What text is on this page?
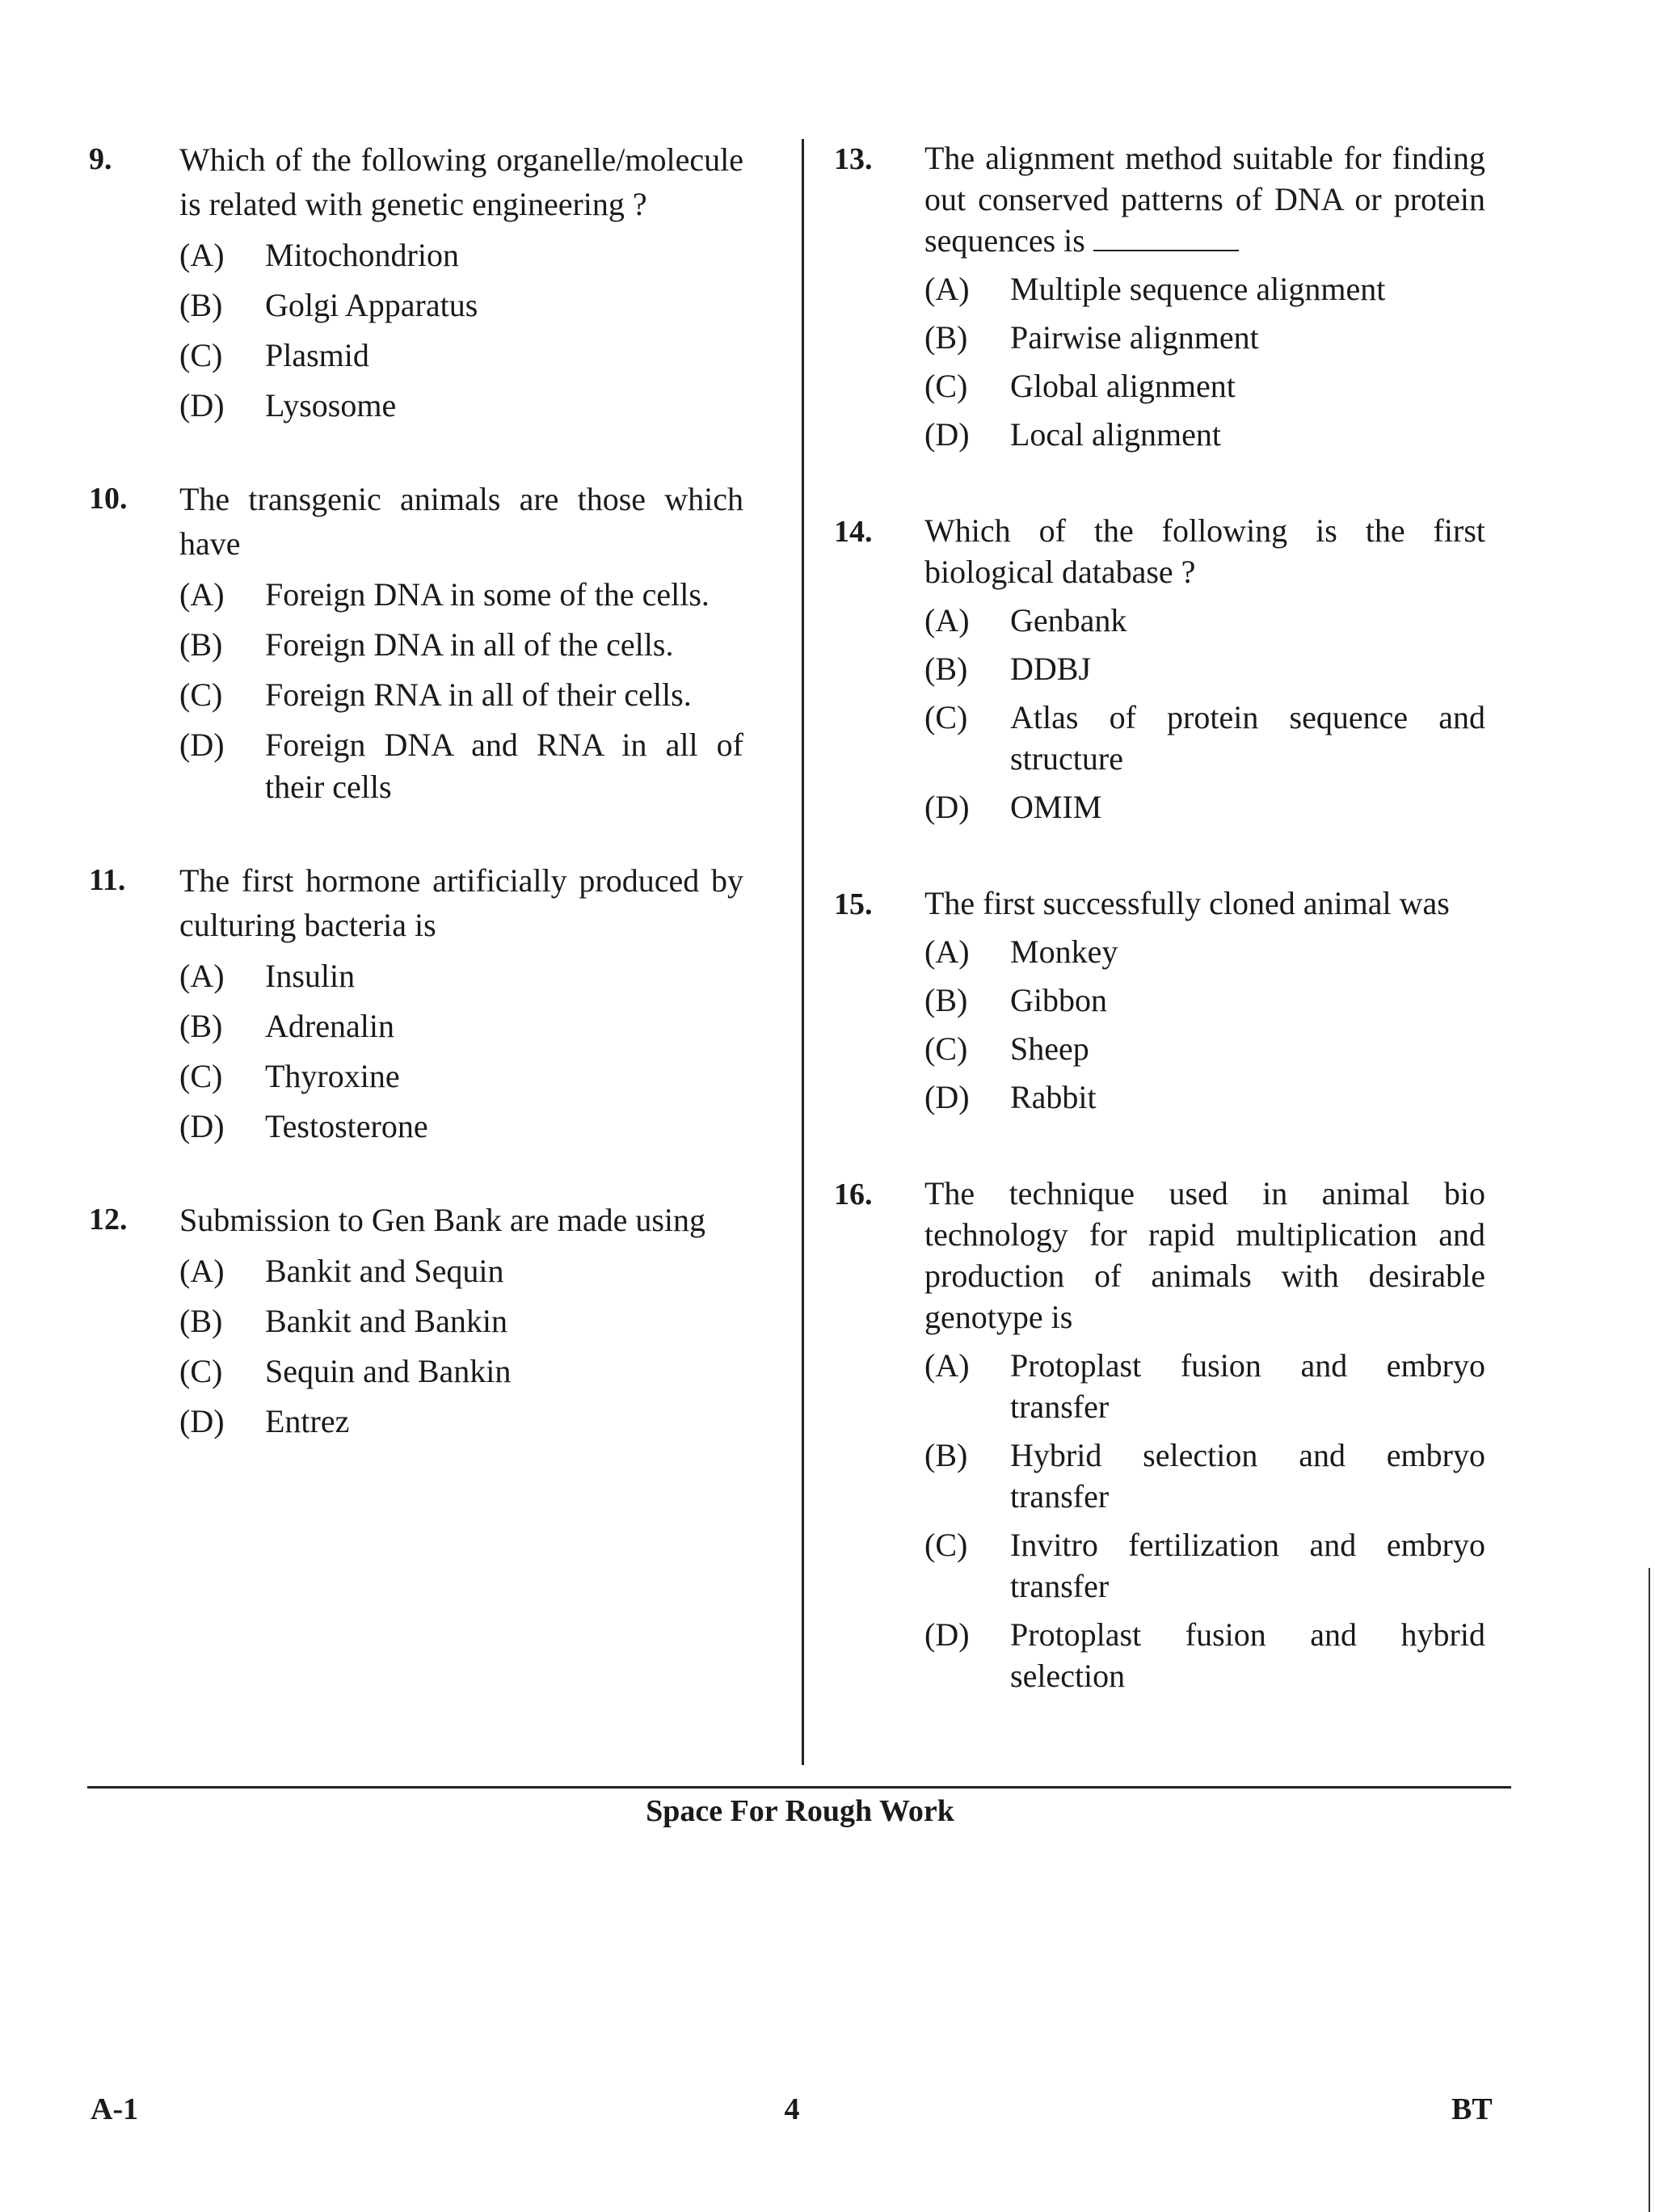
9.	Which of the following organelle/molecule is related with genetic engineering ?
(A)	Mitochondrion
(B)	Golgi Apparatus
(C)	Plasmid
(D)	Lysosome
10.	The transgenic animals are those which have
(A)	Foreign DNA in some of the cells.
(B)	Foreign DNA in all of the cells.
(C)	Foreign RNA in all of their cells.
(D)	Foreign DNA and RNA in all of their cells
11.	The first hormone artificially produced by culturing bacteria is
(A)	Insulin
(B)	Adrenalin
(C)	Thyroxine
(D)	Testosterone
12.	Submission to Gen Bank are made using
(A)	Bankit and Sequin
(B)	Bankit and Bankin
(C)	Sequin and Bankin
(D)	Entrez
13.	The alignment method suitable for finding out conserved patterns of DNA or protein sequences is
(A)	Multiple sequence alignment
(B)	Pairwise alignment
(C)	Global alignment
(D)	Local alignment
14.	Which of the following is the first biological database ?
(A)	Genbank
(B)	DDBJ
(C)	Atlas of protein sequence and structure
(D)	OMIM
15.	The first successfully cloned animal was
(A)	Monkey
(B)	Gibbon
(C)	Sheep
(D)	Rabbit
16.	The technique used in animal bio technology for rapid multiplication and production of animals with desirable genotype is
(A)	Protoplast fusion and embryo transfer
(B)	Hybrid selection and embryo transfer
(C)	Invitro fertilization and embryo transfer
(D)	Protoplast fusion and hybrid selection
Space For Rough Work
A-1	4	BT
